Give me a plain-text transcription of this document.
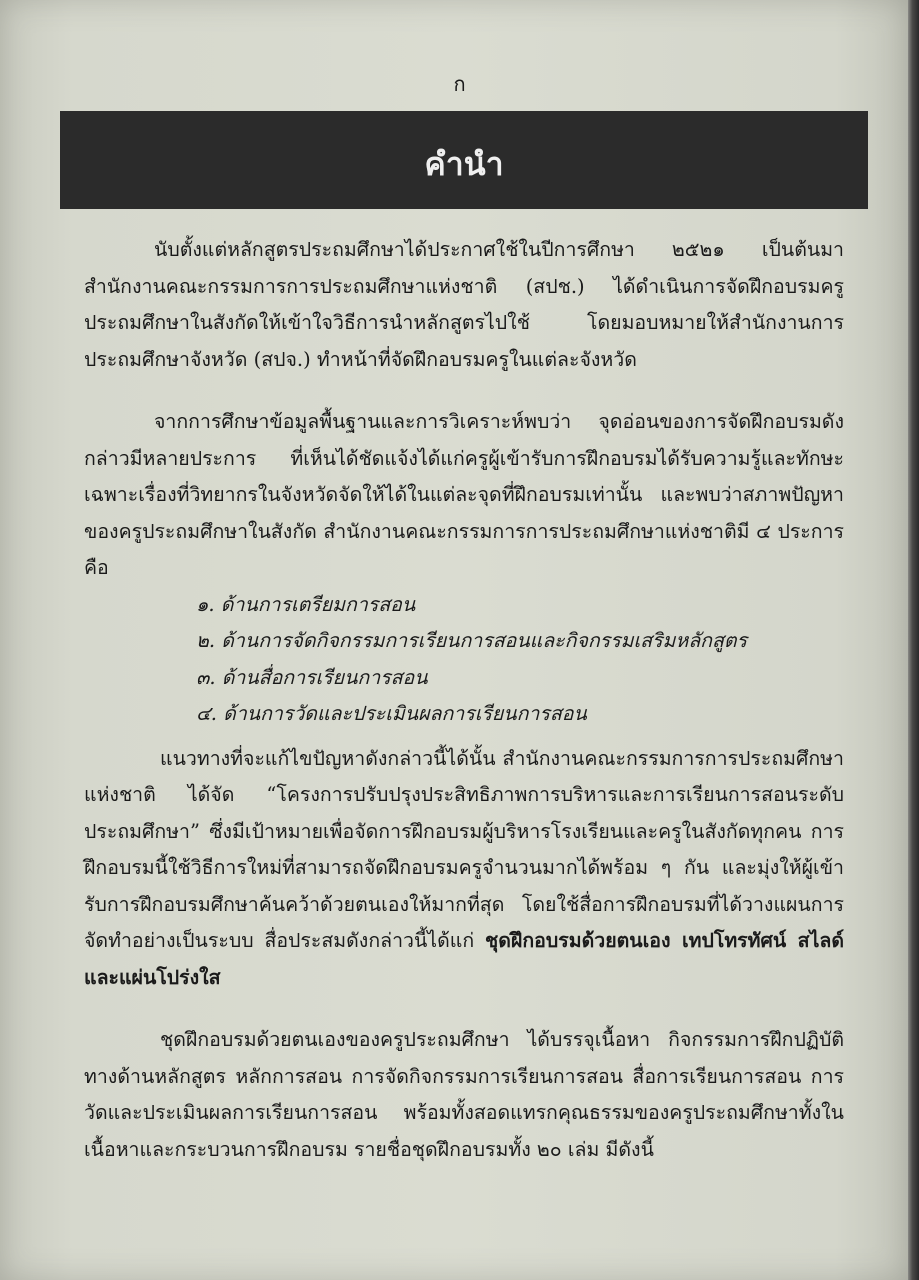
ก
คำนำ

นับตั้งแต่หลักสูตรประถมศึกษาได้ประกาศใช้ในปีการศึกษา ๒๕๒๑ เป็นต้นมา สำนักงานคณะกรรมการการประถมศึกษาแห่งชาติ (สปช.) ได้ดำเนินการจัดฝึกอบรมครูประถมศึกษาในสังกัดให้เข้าใจวิธีการนำหลักสูตรไปใช้ โดยมอบหมายให้สำนักงานการประถมศึกษาจังหวัด (สปจ.) ทำหน้าที่จัดฝึกอบรมครูในแต่ละจังหวัด

จากการศึกษาข้อมูลพื้นฐานและการวิเคราะห์พบว่า จุดอ่อนของการจัดฝึกอบรมดังกล่าวมีหลายประการ ที่เห็นได้ชัดแจ้งได้แก่ครูผู้เข้ารับการฝึกอบรมได้รับความรู้และทักษะเฉพาะเรื่องที่วิทยากรในจังหวัดจัดให้ได้ในแต่ละจุดที่ฝึกอบรมเท่านั้น และพบว่าสภาพปัญหาของครูประถมศึกษาในสังกัด สำนักงานคณะกรรมการการประถมศึกษาแห่งชาติมี ๔ ประการ คือ

๑. ด้านการเตรียมการสอน
๒. ด้านการจัดกิจกรรมการเรียนการสอนและกิจกรรมเสริมหลักสูตร
๓. ด้านสื่อการเรียนการสอน
๔. ด้านการวัดและประเมินผลการเรียนการสอน

แนวทางที่จะแก้ไขปัญหาดังกล่าวนี้ได้นั้น สำนักงานคณะกรรมการการประถมศึกษาแห่งชาติ ได้จัด “โครงการปรับปรุงประสิทธิภาพการบริหารและการเรียนการสอนระดับประถมศึกษา” ซึ่งมีเป้าหมายเพื่อจัดการฝึกอบรมผู้บริหารโรงเรียนและครูในสังกัดทุกคน การฝึกอบรมนี้ใช้วิธีการใหม่ที่สามารถจัดฝึกอบรมครูจำนวนมากได้พร้อม ๆ กัน และมุ่งให้ผู้เข้ารับการฝึกอบรมศึกษาค้นคว้าด้วยตนเองให้มากที่สุด โดยใช้สื่อการฝึกอบรมที่ได้วางแผนการจัดทำอย่างเป็นระบบ สื่อประสมดังกล่าวนี้ได้แก่ ชุดฝึกอบรมด้วยตนเอง เทปโทรทัศน์ สไลด์ และแผ่นโปร่งใส

ชุดฝึกอบรมด้วยตนเองของครูประถมศึกษา ได้บรรจุเนื้อหา กิจกรรมการฝึกปฏิบัติทางด้านหลักสูตร หลักการสอน การจัดกิจกรรมการเรียนการสอน สื่อการเรียนการสอน การวัดและประเมินผลการเรียนการสอน พร้อมทั้งสอดแทรกคุณธรรมของครูประถมศึกษาทั้งในเนื้อหาและกระบวนการฝึกอบรม รายชื่อชุดฝึกอบรมทั้ง ๒๐ เล่ม มีดังนี้
